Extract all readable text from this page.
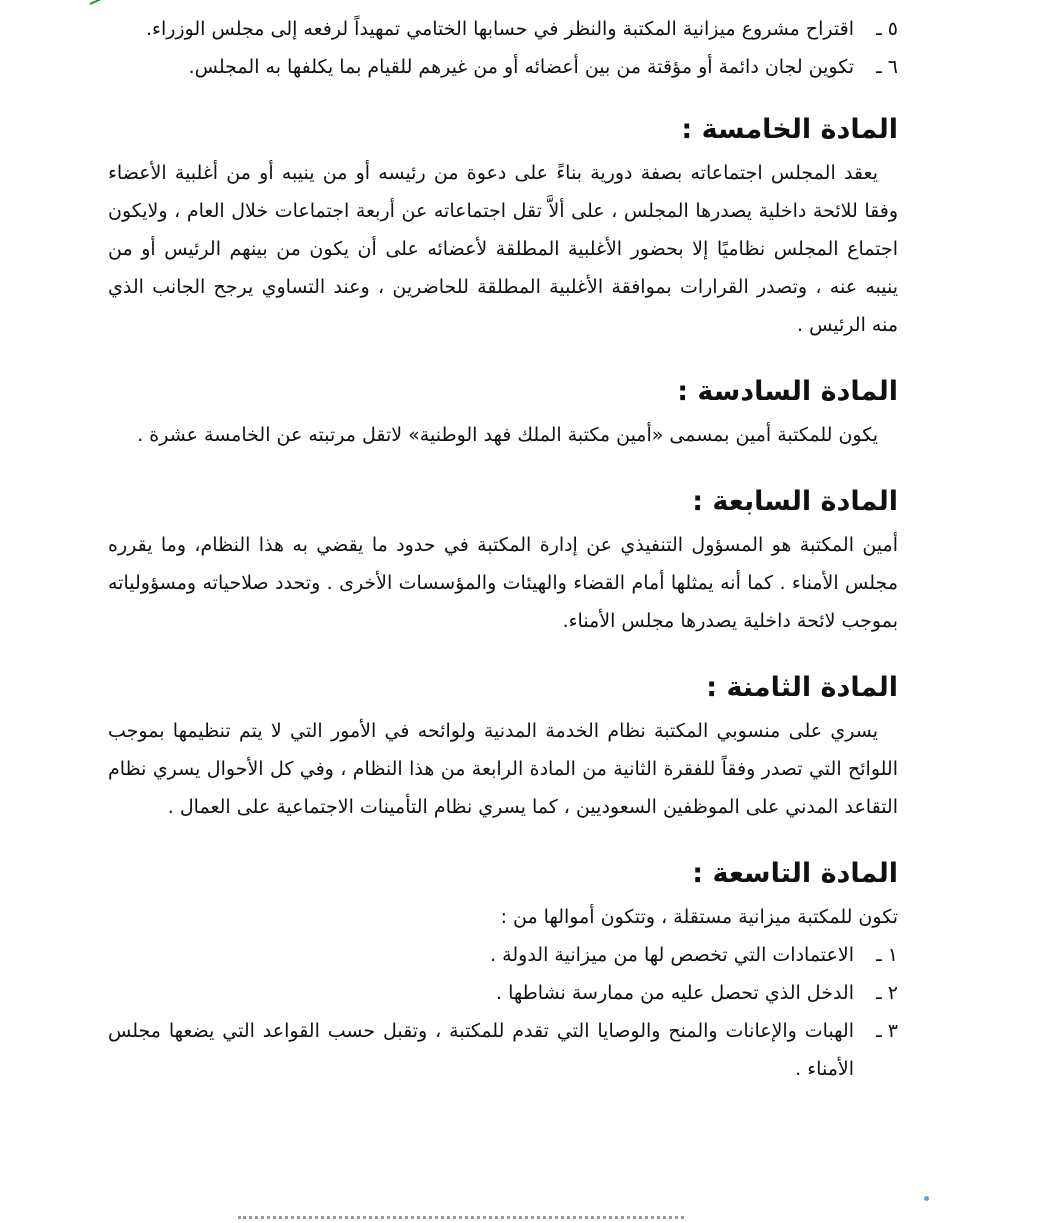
٥ ـ
اقتراح مشروع ميزانية المكتبة والنظر في حسابها الختامي تمهيداً لرفعه إلى مجلس الوزراء.
٦ ـ
تكوين لجان دائمة أو مؤقتة من بين أعضائه أو من غيرهم للقيام بما يكلفها به المجلس.
المادة الخامسة :

يعقد المجلس اجتماعاته بصفة دورية بناءً على دعوة من رئيسه أو من ينيبه أو من أغلبية الأعضاء وفقا للائحة داخلية يصدرها المجلس ، على ألاَّ تقل اجتماعاته عن أربعة اجتماعات خلال العام ، ولايكون اجتماع المجلس نظاميًا إلا بحضور الأغلبية المطلقة لأعضائه على أن يكون من بينهم الرئيس أو من ينيبه عنه ، وتصدر القرارات بموافقة الأغلبية المطلقة للحاضرين ، وعند التساوي يرجح الجانب الذي منه الرئيس .

المادة السادسة :

يكون للمكتبة أمين بمسمى «أمين مكتبة الملك فهد الوطنية» لاتقل مرتبته عن الخامسة عشرة .

المادة السابعة :

أمين المكتبة هو المسؤول التنفيذي عن إدارة المكتبة في حدود ما يقضي به هذا النظام، وما يقرره مجلس الأمناء . كما أنه يمثلها أمام القضاء والهيئات والمؤسسات الأخرى . وتحدد صلاحياته ومسؤولياته بموجب لائحة داخلية يصدرها مجلس الأمناء.

المادة الثامنة :

يسري على منسوبي المكتبة نظام الخدمة المدنية ولوائحه في الأمور التي لا يتم تنظيمها بموجب اللوائح التي تصدر وفقاً للفقرة الثانية من المادة الرابعة من هذا النظام ، وفي كل الأحوال يسري نظام التقاعد المدني على الموظفين السعوديين ، كما يسري نظام التأمينات الاجتماعية على العمال .

المادة التاسعة :

تكون للمكتبة ميزانية مستقلة ، وتتكون أموالها من :

١ ـ
الاعتمادات التي تخصص لها من ميزانية الدولة .
٢ ـ
الدخل الذي تحصل عليه من ممارسة نشاطها .
٣ ـ
الهبات والإعانات والمنح والوصايا التي تقدم للمكتبة ، وتقبل حسب القواعد التي يضعها مجلس الأمناء .
